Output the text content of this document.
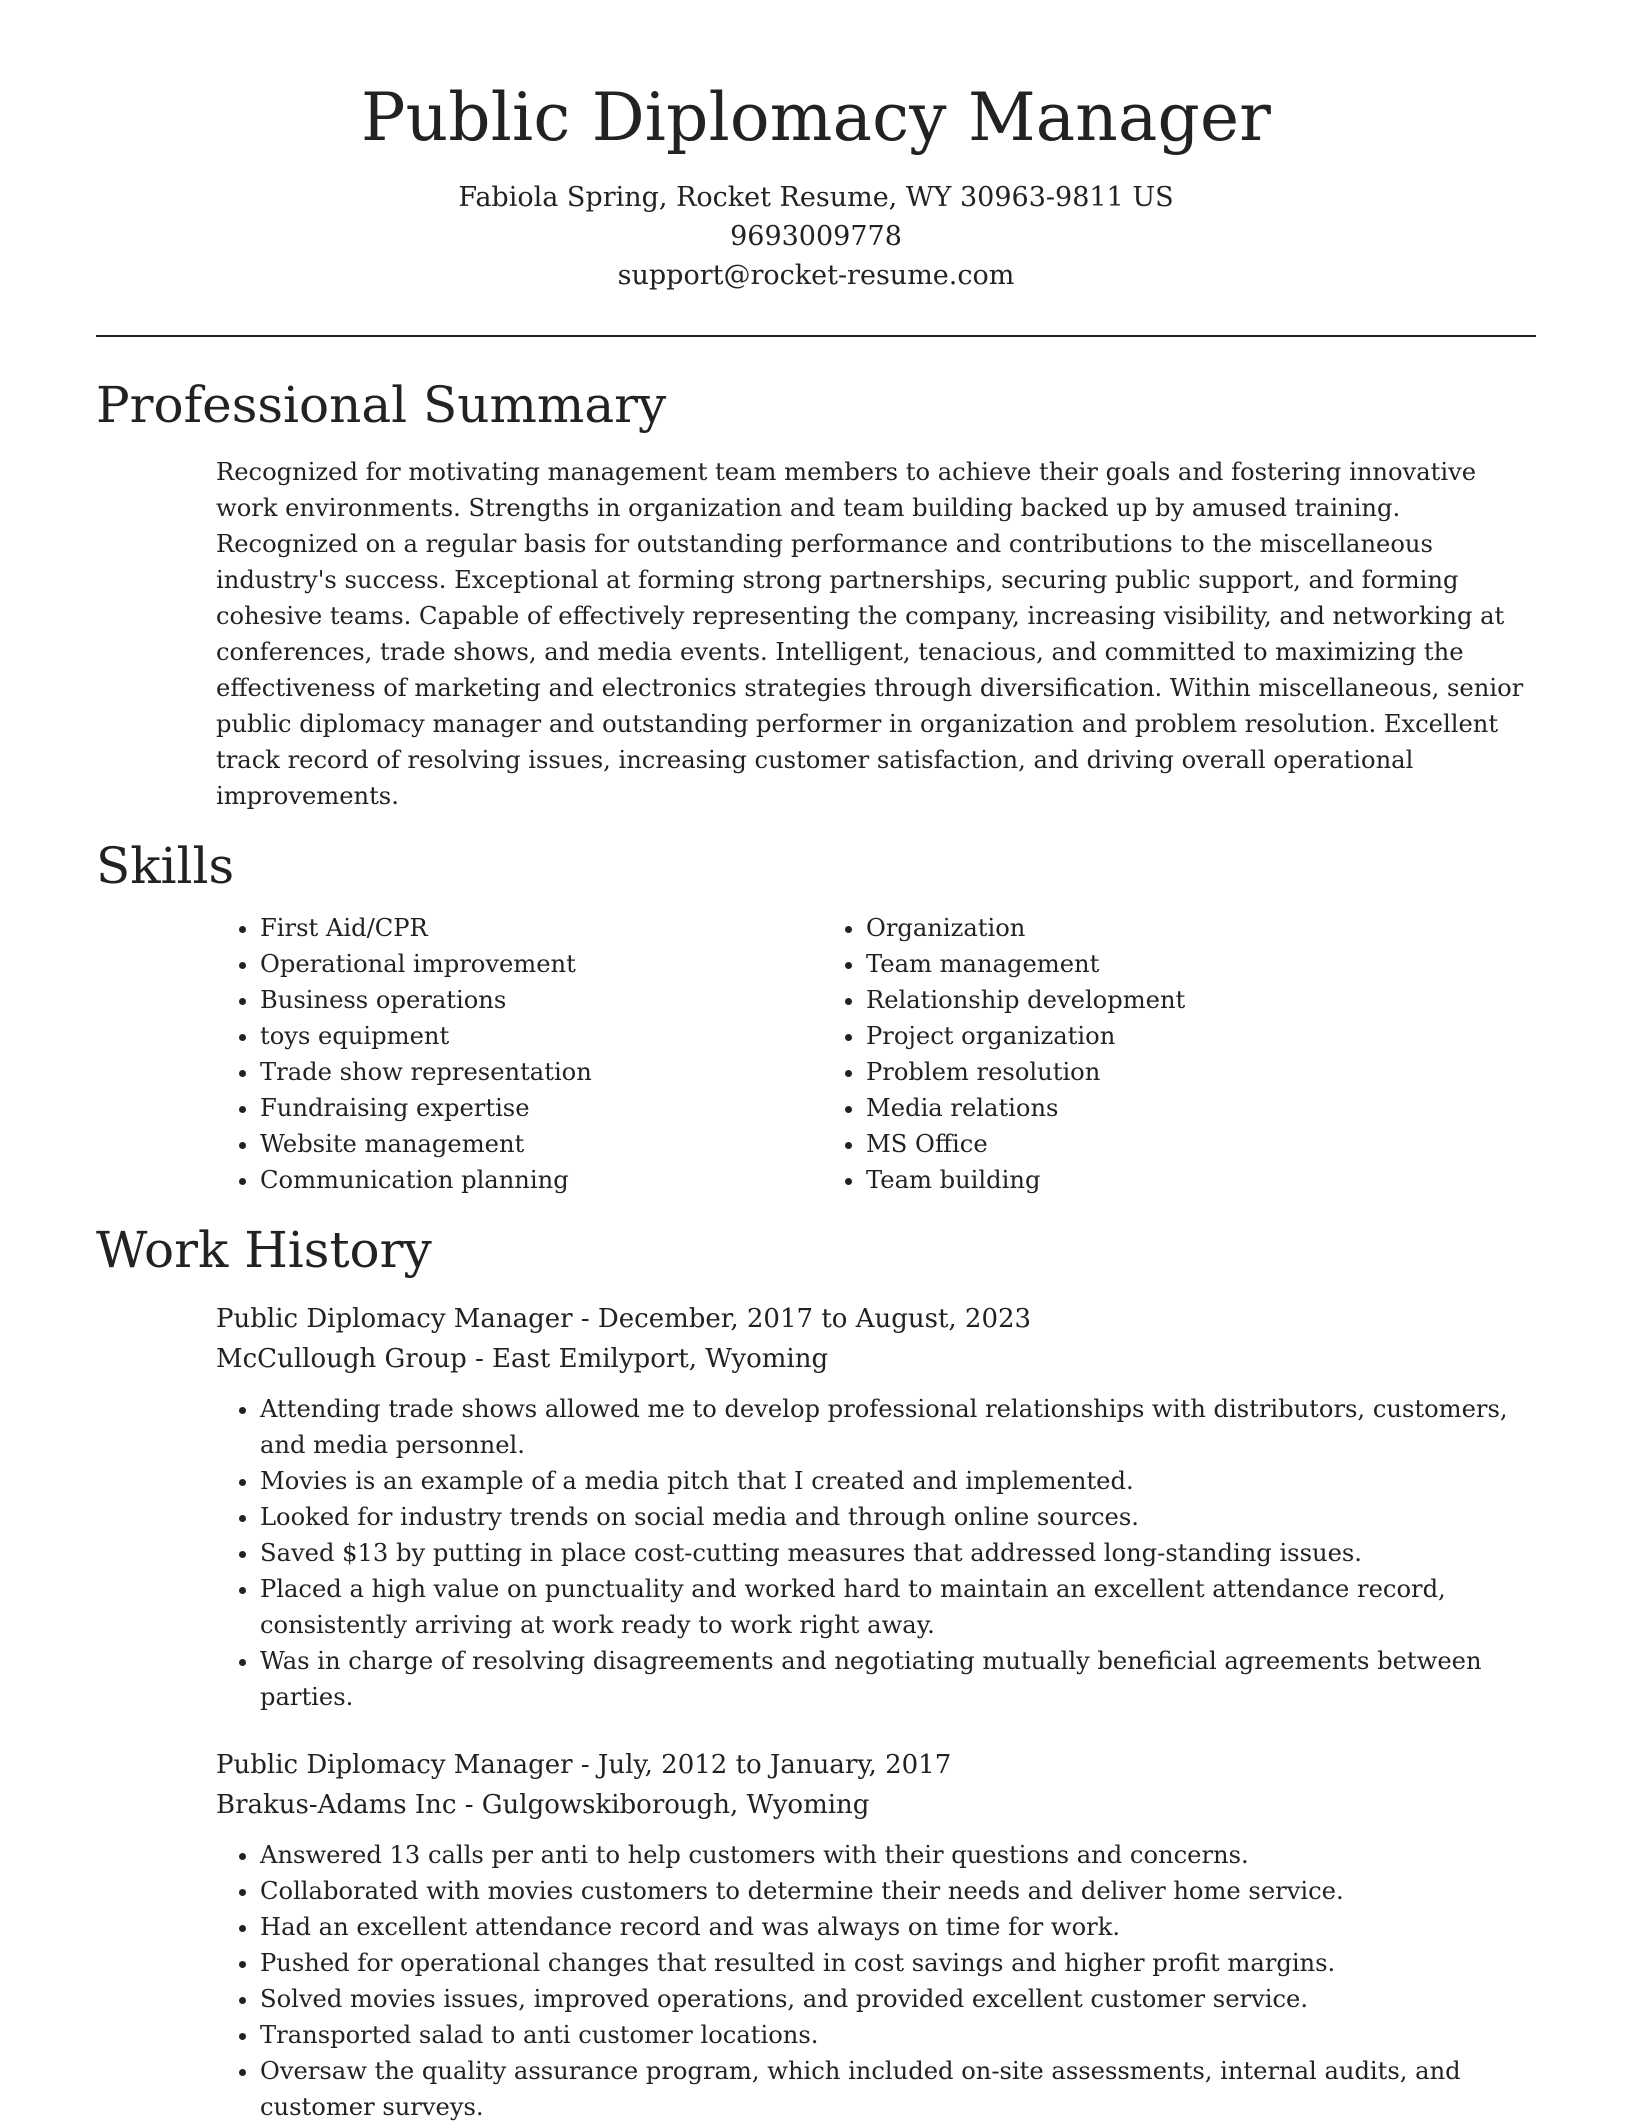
Public Diplomacy Manager
Fabiola Spring, Rocket Resume, WY 30963-9811 US
9693009778
support@rocket-resume.com
Professional Summary

Recognized for motivating management team members to achieve their goals and fostering innovative work environments. Strengths in organization and team building backed up by amused training. Recognized on a regular basis for outstanding performance and contributions to the miscellaneous industry's success. Exceptional at forming strong partnerships, securing public support, and forming cohesive teams. Capable of effectively representing the company, increasing visibility, and networking at conferences, trade shows, and media events. Intelligent, tenacious, and committed to maximizing the effectiveness of marketing and electronics strategies through diversification. Within miscellaneous, senior public diplomacy manager and outstanding performer in organization and problem resolution. Excellent track record of resolving issues, increasing customer satisfaction, and driving overall operational improvements.

Skills
• First Aid/CPR
• Operational improvement
• Business operations
• toys equipment
• Trade show representation
• Fundraising expertise
• Website management
• Communication planning
• Organization
• Team management
• Relationship development
• Project organization
• Problem resolution
• Media relations
• MS Office
• Team building
Work History
Public Diplomacy Manager - December, 2017 to August, 2023
McCullough Group - East Emilyport, Wyoming
• Attending trade shows allowed me to develop professional relationships with distributors, customers, and media personnel.
• Movies is an example of a media pitch that I created and implemented.
• Looked for industry trends on social media and through online sources.
• Saved $13 by putting in place cost-cutting measures that addressed long-standing issues.
• Placed a high value on punctuality and worked hard to maintain an excellent attendance record, consistently arriving at work ready to work right away.
• Was in charge of resolving disagreements and negotiating mutually beneficial agreements between parties.
Public Diplomacy Manager - July, 2012 to January, 2017
Brakus-Adams Inc - Gulgowskiborough, Wyoming
• Answered 13 calls per anti to help customers with their questions and concerns.
• Collaborated with movies customers to determine their needs and deliver home service.
• Had an excellent attendance record and was always on time for work.
• Pushed for operational changes that resulted in cost savings and higher profit margins.
• Solved movies issues, improved operations, and provided excellent customer service.
• Transported salad to anti customer locations.
• Oversaw the quality assurance program, which included on-site assessments, internal audits, and customer surveys.
